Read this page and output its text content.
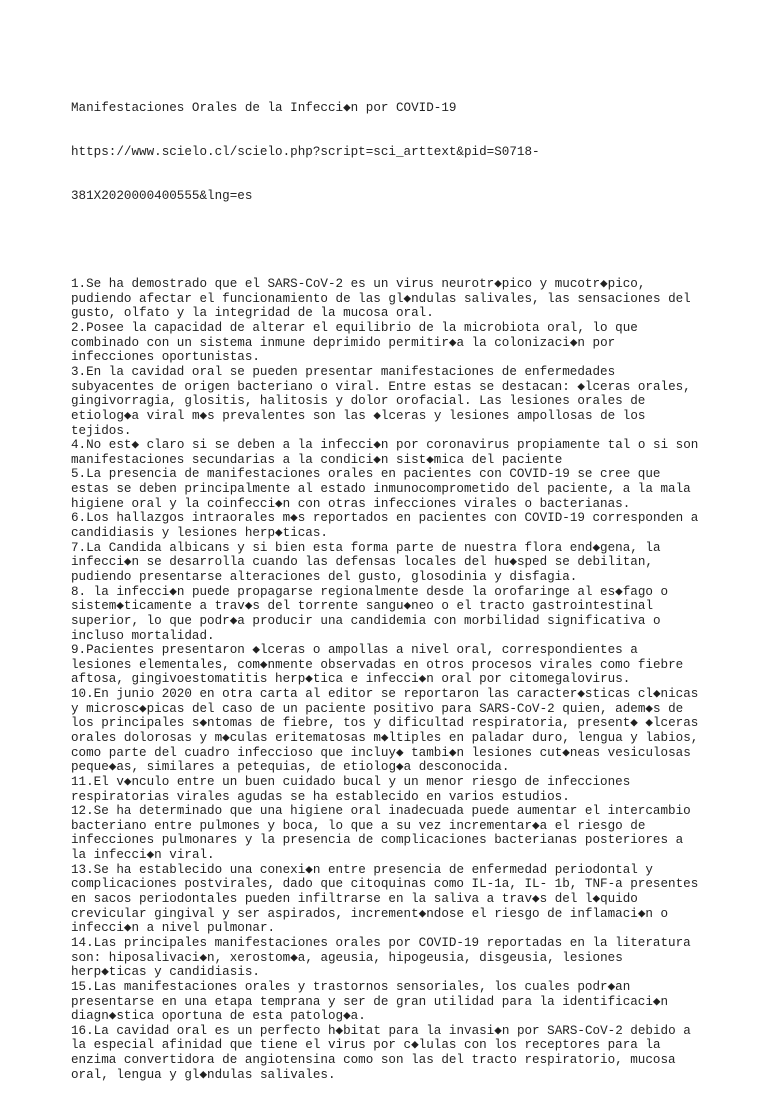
Manifestaciones Orales de la Infecci◆n por COVID-19

https://www.scielo.cl/scielo.php?script=sci_arttext&pid=S0718-

381X2020000400555&lng=es

1.Se ha demostrado que el SARS-CoV-2 es un virus neurotr◆pico y mucotr◆pico,
pudiendo afectar el funcionamiento de las gl◆ndulas salivales, las sensaciones del
gusto, olfato y la integridad de la mucosa oral.
2.Posee la capacidad de alterar el equilibrio de la microbiota oral, lo que
combinado con un sistema inmune deprimido permitir◆a la colonizaci◆n por
infecciones oportunistas.
3.En la cavidad oral se pueden presentar manifestaciones de enfermedades
subyacentes de origen bacteriano o viral. Entre estas se destacan: ◆lceras orales,
gingivorragia, glositis, halitosis y dolor orofacial. Las lesiones orales de
etiolog◆a viral m◆s prevalentes son las ◆lceras y lesiones ampollosas de los
tejidos.
4.No est◆ claro si se deben a la infecci◆n por coronavirus propiamente tal o si son
manifestaciones secundarias a la condici◆n sist◆mica del paciente
5.La presencia de manifestaciones orales en pacientes con COVID-19 se cree que
estas se deben principalmente al estado inmunocomprometido del paciente, a la mala
higiene oral y la coinfecci◆n con otras infecciones virales o bacterianas.
6.Los hallazgos intraorales m◆s reportados en pacientes con COVID-19 corresponden a
candidiasis y lesiones herp◆ticas.
7.La Candida albicans y si bien esta forma parte de nuestra flora end◆gena, la
infecci◆n se desarrolla cuando las defensas locales del hu◆sped se debilitan,
pudiendo presentarse alteraciones del gusto, glosodinia y disfagia.
8. la infecci◆n puede propagarse regionalmente desde la orofaringe al es◆fago o
sistem◆ticamente a trav◆s del torrente sangu◆neo o el tracto gastrointestinal
superior, lo que podr◆a producir una candidemia con morbilidad significativa o
incluso mortalidad.
9.Pacientes presentaron ◆lceras o ampollas a nivel oral, correspondientes a
lesiones elementales, com◆nmente observadas en otros procesos virales como fiebre
aftosa, gingivoestomatitis herp◆tica e infecci◆n oral por citomegalovirus.
10.En junio 2020 en otra carta al editor se reportaron las caracter◆sticas cl◆nicas
y microsc◆picas del caso de un paciente positivo para SARS-CoV-2 quien, adem◆s de
los principales s◆ntomas de fiebre, tos y dificultad respiratoria, present◆ ◆lceras
orales dolorosas y m◆culas eritematosas m◆ltiples en paladar duro, lengua y labios,
como parte del cuadro infeccioso que incluy◆ tambi◆n lesiones cut◆neas vesiculosas
peque◆as, similares a petequias, de etiolog◆a desconocida.
11.El v◆nculo entre un buen cuidado bucal y un menor riesgo de infecciones
respiratorias virales agudas se ha establecido en varios estudios.
12.Se ha determinado que una higiene oral inadecuada puede aumentar el intercambio
bacteriano entre pulmones y boca, lo que a su vez incrementar◆a el riesgo de
infecciones pulmonares y la presencia de complicaciones bacterianas posteriores a
la infecci◆n viral.
13.Se ha establecido una conexi◆n entre presencia de enfermedad periodontal y
complicaciones postvirales, dado que citoquinas como IL-1a, IL- 1b, TNF-a presentes
en sacos periodontales pueden infiltrarse en la saliva a trav◆s del l◆quido
crevicular gingival y ser aspirados, increment◆ndose el riesgo de inflamaci◆n o
infecci◆n a nivel pulmonar.
14.Las principales manifestaciones orales por COVID-19 reportadas en la literatura
son: hiposalivaci◆n, xerostom◆a, ageusia, hipogeusia, disgeusia, lesiones
herp◆ticas y candidiasis.
15.Las manifestaciones orales y trastornos sensoriales, los cuales podr◆an
presentarse en una etapa temprana y ser de gran utilidad para la identificaci◆n
diagn◆stica oportuna de esta patolog◆a.
16.La cavidad oral es un perfecto h◆bitat para la invasi◆n por SARS-CoV-2 debido a
la especial afinidad que tiene el virus por c◆lulas con los receptores para la
enzima convertidora de angiotensina como son las del tracto respiratorio, mucosa
oral, lengua y gl◆ndulas salivales.
